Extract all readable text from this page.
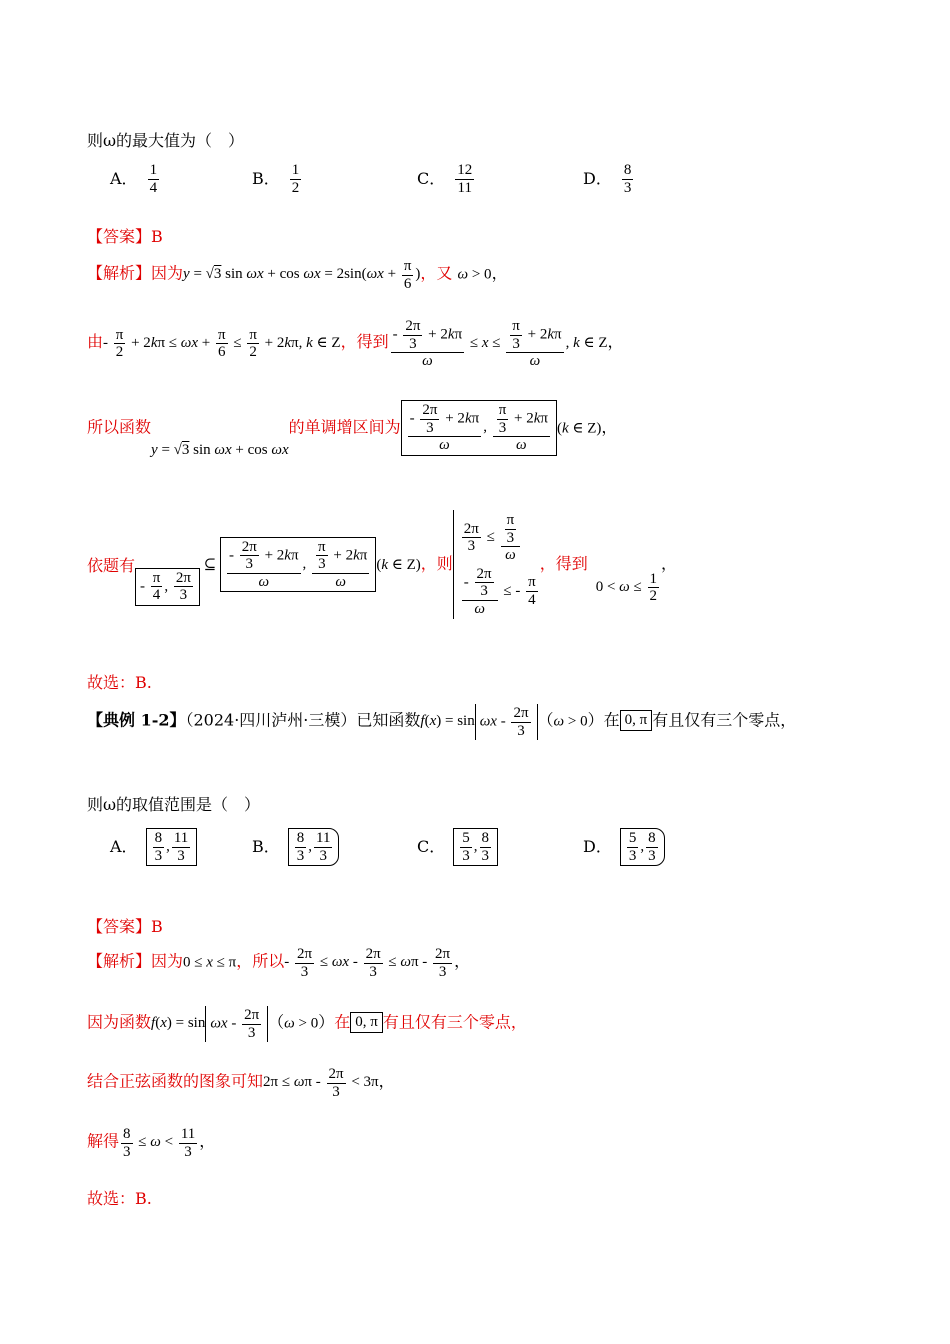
则ω的最大值为（　）
A． $\frac{1}{4}$	B． $\frac{1}{2}$	C． $\frac{12}{11}$	D． $\frac{8}{3}$
【答案】B
【解析】因为y = √3 $\sin \omega x + \cos \omega x = 2\sin(\omega x + \frac{\pi}{6}$ )，又 ω > 0，
由- $\frac{\pi}{2} + 2k\pi \le \omega x + \frac{\pi}{6} \le \frac{\pi}{2} + 2k\pi$, k ∈ Z，得到 $\frac{- \frac{2\pi}{3} + 2k\pi}{\omega} \le x \le \frac{\frac{\pi}{3} + 2k\pi}{\omega}$ , k ∈ Z，
所以函数y = √3 sin ωx + cos ωx的单调增区间为 $\frac{- \frac{2\pi}{3} + 2k\pi}{\omega}$ , $\frac{\frac{\pi}{3} + 2k\pi}{\omega} (k$ ∈ Z)，
依题有- $\frac{\pi}{4}$ , $\frac{2\pi}{3}$
⊆ $\frac{- \frac{2\pi}{3} + 2k\pi}{\omega}$ , $\frac{\frac{\pi}{3} + 2k\pi}{\omega} (k$ ∈ Z)，则
$\frac{2\pi}{3} \le \frac{\frac{\pi}{3}}{\omega}$
$\frac{- \frac{2\pi}{3}}{\omega}$ ≤ - $\frac{\pi}{4}$
，得到$0 < \omega \le \frac{1}{2}$
，
故选：B.
【典例 1-2】（2024·四川泸州·三模）已知函数$f(x) = \sin \omega x - \frac{2\pi}{3} (\omega > 0)$在 0, π 有且仅有三个零点，
则ω的取值范围是（　）
A． $\frac{8}{3}$ , $\frac{11}{3}$	B． $\frac{8}{3}$ , $\frac{11}{3}$	C． $\frac{5}{3}$ , $\frac{8}{3}$	D． $\frac{5}{3}$ , $\frac{8}{3}$
【答案】B
【解析】因为0 ≤ x ≤ π，所以- $\frac{2\pi}{3} \le \omega x - \frac{2\pi}{3} \le \omega\pi - \frac{2\pi}{3}$ ，
因为函数$f(x) = \sin \omega x - \frac{2\pi}{3} (\omega > 0)$在 0, π 有且仅有三个零点，
结合正弦函数的图象可知$2\pi \le \omega\pi - \frac{2\pi}{3} < 3\pi$，
解得 $\frac{8}{3} \le \omega < \frac{11}{3}$ ，
故选：B.
